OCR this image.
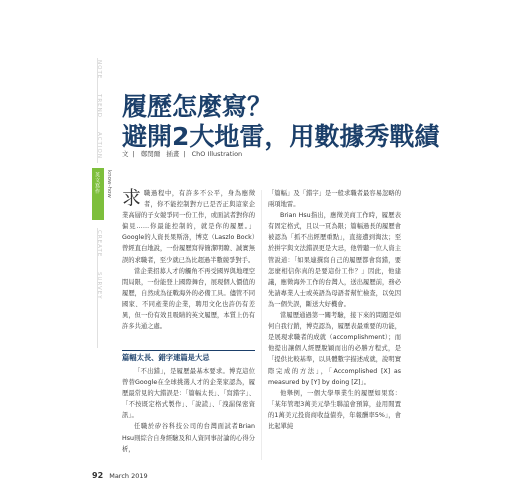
NOTE
TREND
ACTION
CREATE
SURVEY
英文寫作 know-how
履歷怎麼寫？
避開2大地雷，用數據秀戰績
文 | 鄭閔爾 插畫 | ChO Illustration
求 職過程中，有許多不公平，身為應徵者，你不能控制對方已是否正與這家企業高層的子女競爭同一份工作，或面試者對你的偏見……你最能控制的，就是你的履歷。」Google的人資長果斯洛，博克（Laszlo Bock）曾經直白地說，一份履歷寫得簡潔明瞭、誠實無誤的求職者，至少就已為比超過半數競爭對手。

當企業招募人才的觸角不再受國界與地理空間局限，一份能登上國際舞台，展現個人價值的履歷，自然成為征戰海外的必備工具。儘管不同國家、不同產業的企業，聘用文化也許仍有差異，但一份有效且吸睛的英文履歷，本質上仍有許多共通之處。

篇幅太長、錯字連篇是大忌

「不出錯」，是履歷最基本要求。博克這位曾替Google在全球挑選人才的企業家認為，履歷最常見的大錯誤是：「篇幅太長」、「寫錯字」、「不按既定格式製作」、「說謊」、「洩漏保密資訊」。

任職於矽谷科技公司的台灣面試者Brian Hsu則綜合自身經驗及和人資同事討論的心得分析，

「篇幅」及「錯字」是一般求職者最容易忽略的兩項地雷。

Brian Hsu指出，應徵美商工作時，履歷表有固定格式，且以一頁為限；篇幅過長的履歷會被認為「抓不出經歷重點」，直接遭到淘汰；至於拼字與文法錯誤更是大忌，他曾聽一位人資主管說道：「如果連撰寫自己的履歷都會寫錯，要怎麼相信你真的是要這份工作？」因此，他建議，應徵海外工作的台灣人，送出履歷前，務必先請專業人士或英語為母語者幫忙檢查，以免因為一個失誤，斷送大好機會。

當履歷通過第一關考驗，接下來的問題是如何自我行銷，博克認為，履歷表最重要的功能，是展現求職者的成就（accomplishment）；而他提出讓個人經歷脫穎而出的必勝方程式，是「提供比較基準，以具體數字描述成就，說明實際完成的方法」，「Accomplished [X] as measured by [Y] by doing [Z]」。

他舉例，一個大學畢業生的履歷如果寫：「某年管理3萬美元學生聯誼會預算，並用閒置的1萬美元投資商收益債券，年報酬率5%」，會比起單純

92 March 2019
